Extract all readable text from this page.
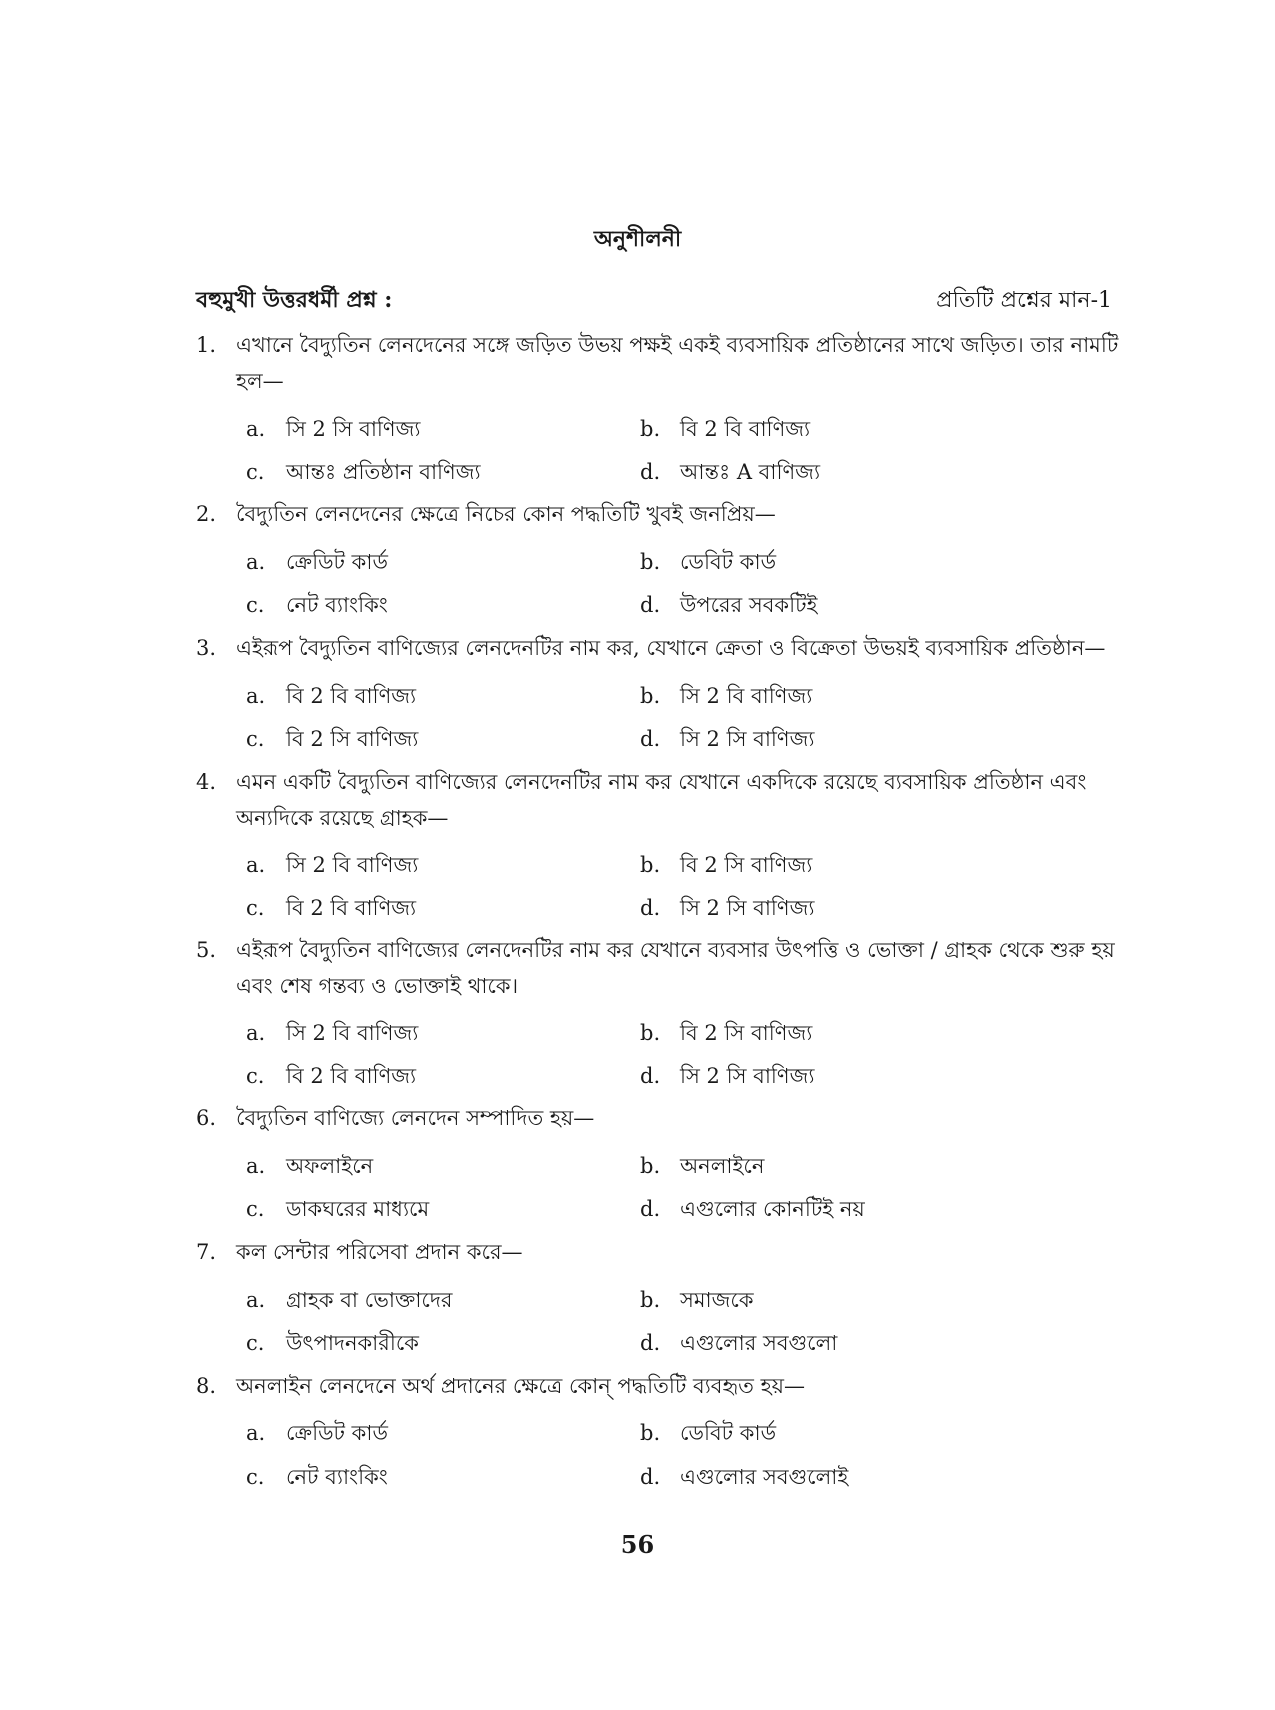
অনুশীলনী
বহুমুখী উত্তরধর্মী প্রশ্ন :	প্রতিটি প্রশ্নের মান-1
1. এখানে বৈদ্যুতিন লেনদেনের সঙ্গে জড়িত উভয় পক্ষই একই ব্যবসায়িক প্রতিষ্ঠানের সাথে জড়িত। তার নামটি হল—
a. সি 2 সি বাণিজ্য	b. বি 2 বি বাণিজ্য
c. আন্তঃ প্রতিষ্ঠান বাণিজ্য	d. আন্তঃ A বাণিজ্য
2. বৈদ্যুতিন লেনদেনের ক্ষেত্রে নিচের কোন পদ্ধতিটি খুবই জনপ্রিয়—
a. ক্রেডিট কার্ড	b. ডেবিট কার্ড
c. নেট ব্যাংকিং	d. উপরের সবকটিই
3. এইরূপ বৈদ্যুতিন বাণিজ্যের লেনদেনটির নাম কর, যেখানে ক্রেতা ও বিক্রেতা উভয়ই ব্যবসায়িক প্রতিষ্ঠান—
a. বি 2 বি বাণিজ্য	b. সি 2 বি বাণিজ্য
c. বি 2 সি বাণিজ্য	d. সি 2 সি বাণিজ্য
4. এমন একটি বৈদ্যুতিন বাণিজ্যের লেনদেনটির নাম কর যেখানে একদিকে রয়েছে ব্যবসায়িক প্রতিষ্ঠান এবং অন্যদিকে রয়েছে গ্রাহক—
a. সি 2 বি বাণিজ্য	b. বি 2 সি বাণিজ্য
c. বি 2 বি বাণিজ্য	d. সি 2 সি বাণিজ্য
5. এইরূপ বৈদ্যুতিন বাণিজ্যের লেনদেনটির নাম কর যেখানে ব্যবসার উৎপত্তি ও ভোক্তা / গ্রাহক থেকে শুরু হয় এবং শেষ গন্তব্য ও ভোক্তাই থাকে।
a. সি 2 বি বাণিজ্য	b. বি 2 সি বাণিজ্য
c. বি 2 বি বাণিজ্য	d. সি 2 সি বাণিজ্য
6. বৈদ্যুতিন বাণিজ্যে লেনদেন সম্পাদিত হয়—
a. অফলাইনে	b. অনলাইনে
c. ডাকঘরের মাধ্যমে	d. এগুলোর কোনটিই নয়
7. কল সেন্টার পরিসেবা প্রদান করে—
a. গ্রাহক বা ভোক্তাদের	b. সমাজকে
c. উৎপাদনকারীকে	d. এগুলোর সবগুলো
8. অনলাইন লেনদেনে অর্থ প্রদানের ক্ষেত্রে কোন্ পদ্ধতিটি ব্যবহৃত হয়—
a. ক্রেডিট কার্ড	b. ডেবিট কার্ড
c. নেট ব্যাংকিং	d. এগুলোর সবগুলোই
56
